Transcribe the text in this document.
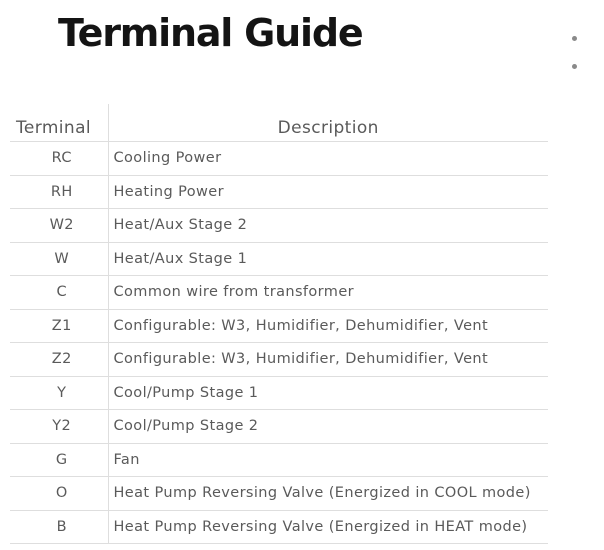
Terminal Guide
Terminal	Description
RC	Cooling Power
RH	Heating Power
W2	Heat/Aux Stage 2
W	Heat/Aux Stage 1
C	Common wire from transformer
Z1	Configurable: W3, Humidifier, Dehumidifier, Vent
Z2	Configurable: W3, Humidifier, Dehumidifier, Vent
Y	Cool/Pump Stage 1
Y2	Cool/Pump Stage 2
G	Fan
O	Heat Pump Reversing Valve (Energized in COOL mode)
B	Heat Pump Reversing Valve (Energized in HEAT mode)
